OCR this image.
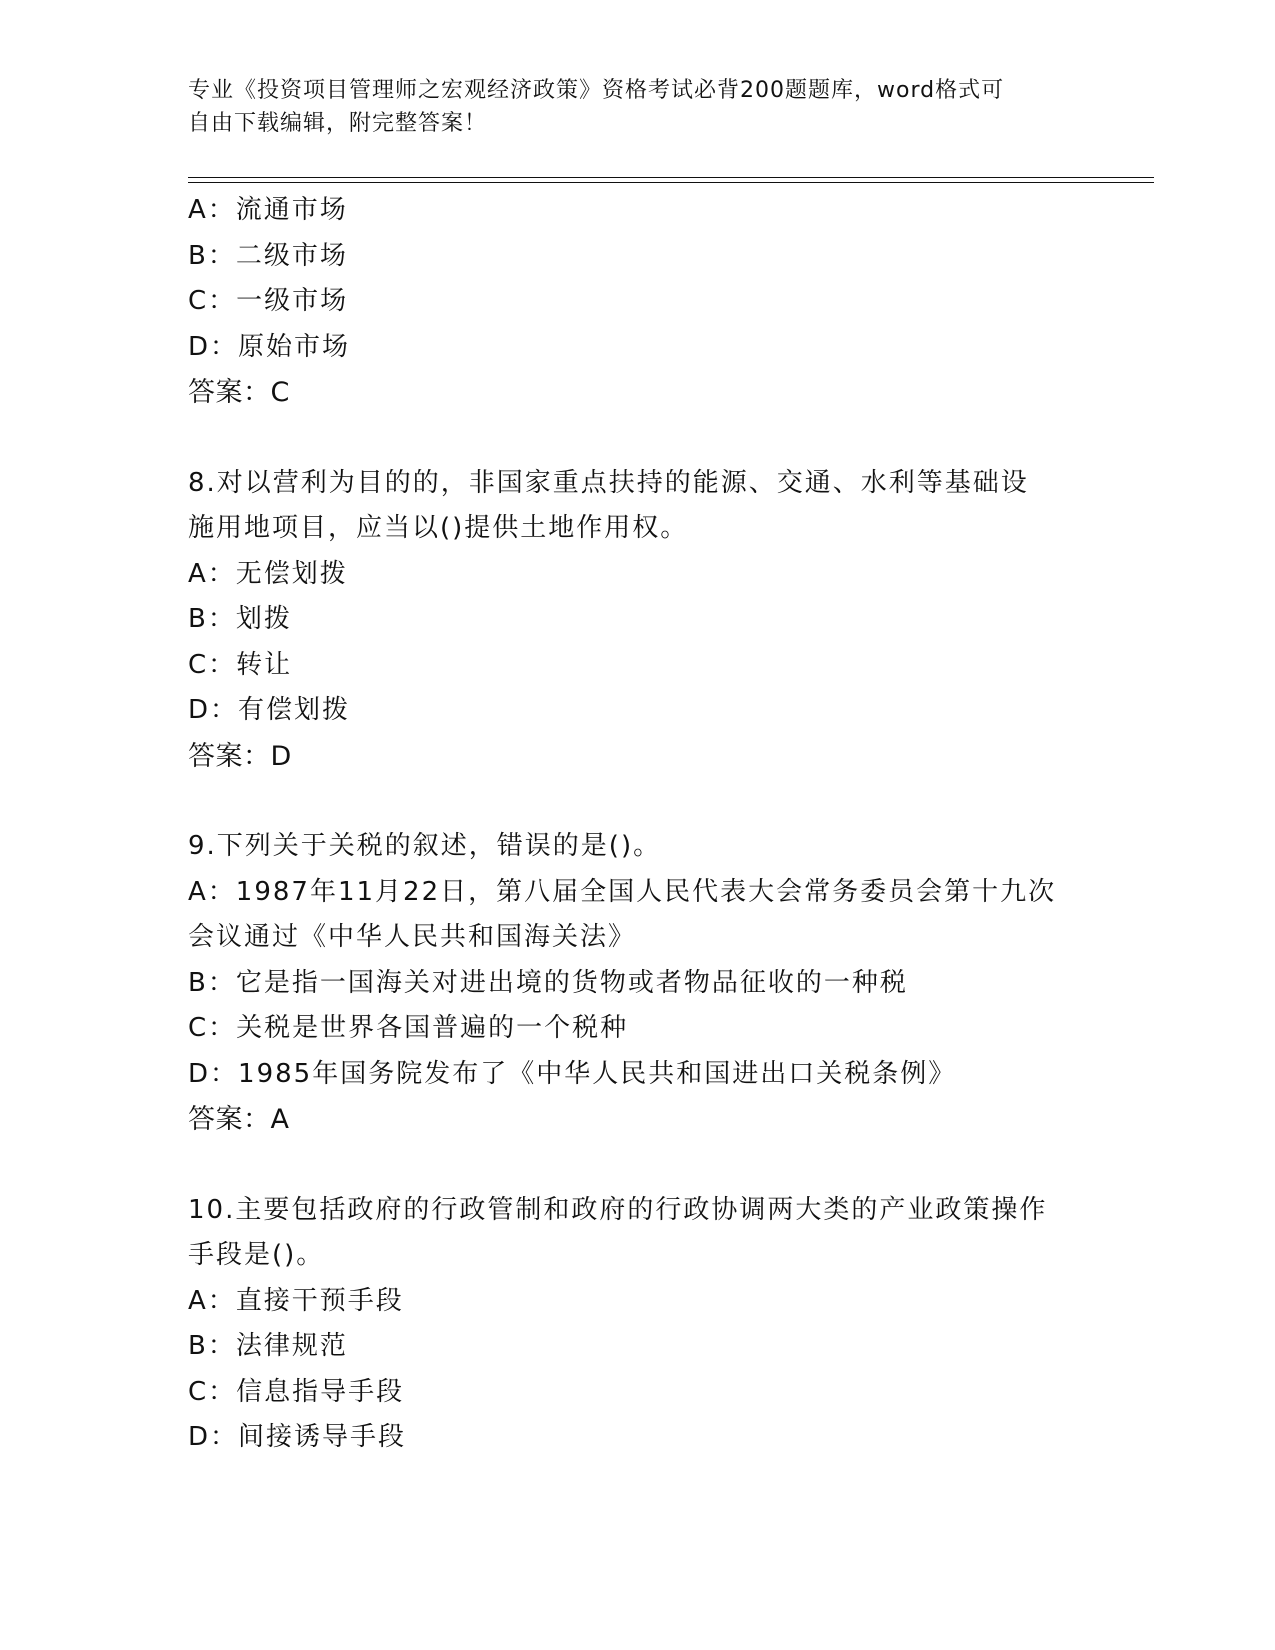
专业《投资项目管理师之宏观经济政策》资格考试必背200题题库，word格式可
自由下载编辑，附完整答案！
A：流通市场
B：二级市场
C：一级市场
D：原始市场
答案：C
8.对以营利为目的的，非国家重点扶持的能源、交通、水利等基础设
施用地项目，应当以()提供土地作用权。
A：无偿划拨
B：划拨
C：转让
D：有偿划拨
答案：D
9.下列关于关税的叙述，错误的是()。
A：1987年11月22日，第八届全国人民代表大会常务委员会第十九次
会议通过《中华人民共和国海关法》
B：它是指一国海关对进出境的货物或者物品征收的一种税
C：关税是世界各国普遍的一个税种
D：1985年国务院发布了《中华人民共和国进出口关税条例》
答案：A
10.主要包括政府的行政管制和政府的行政协调两大类的产业政策操作
手段是()。
A：直接干预手段
B：法律规范
C：信息指导手段
D：间接诱导手段
